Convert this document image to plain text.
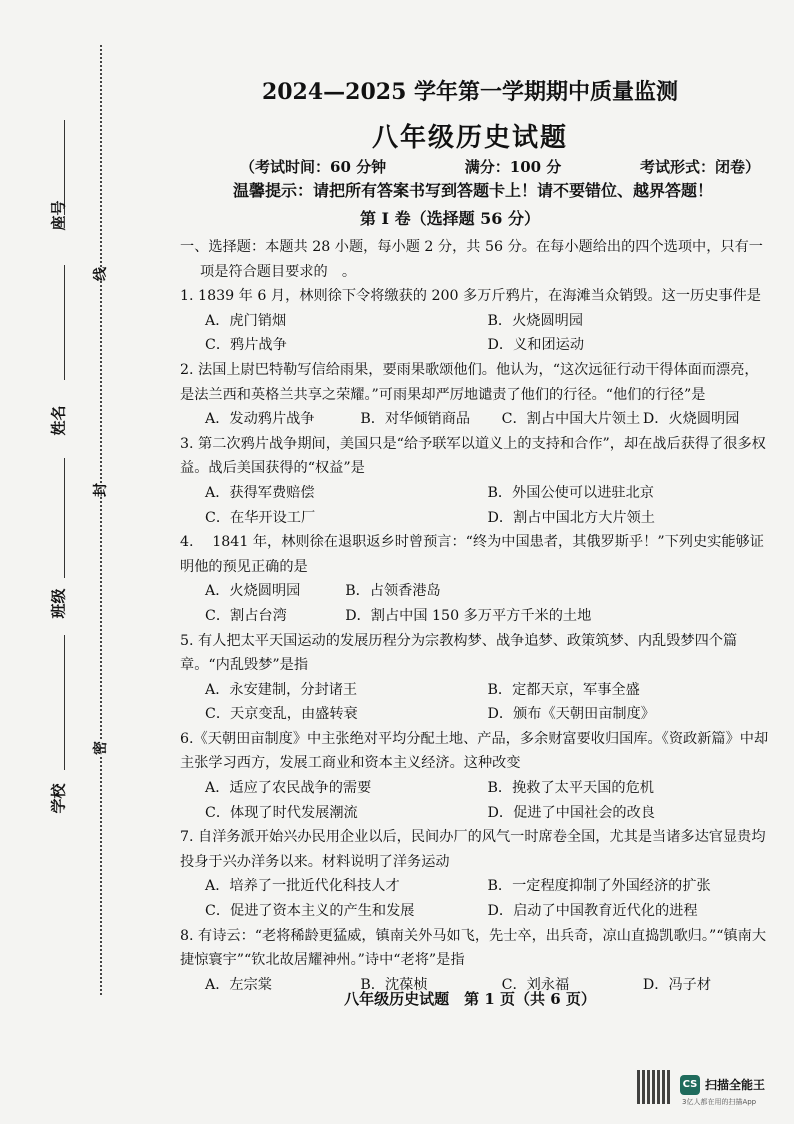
座号
姓名
班级
学校
线
封
密
2024—2025 学年第一学期期中质量监测
八年级历史试题
（考试时间：60 分钟	满分：100 分	考试形式：闭卷）
温馨提示：请把所有答案书写到答题卡上！请不要错位、越界答题！
第 I 卷（选择题 56 分）

一、选择题：本题共 28 小题，每小题 2 分，共 56 分。在每小题给出的四个选项中，只有一项是符合题目要求的　。

1. 1839 年 6 月，林则徐下令将缴获的 200 多万斤鸦片，在海滩当众销毁。这一历史事件是

A．虎门销烟	B．火烧圆明园
C．鸦片战争	D．义和团运动

2. 法国上尉巴特勒写信给雨果，要雨果歌颂他们。他认为，“这次远征行动干得体面而漂亮，是法兰西和英格兰共享之荣耀。”可雨果却严厉地谴责了他们的行径。“他们的行径”是

A．发动鸦片战争	B．对华倾销商品	C．割占中国大片领土 D．火烧圆明园

3. 第二次鸦片战争期间，美国只是“给予联军以道义上的支持和合作”，却在战后获得了很多权益。战后美国获得的“权益”是

A．获得军费赔偿	B．外国公使可以进驻北京
C．在华开设工厂	D．割占中国北方大片领土

4. 　1841 年，林则徐在退职返乡时曾预言：“终为中国患者，其俄罗斯乎！”下列史实能够证明他的预见正确的是

A．火烧圆明园	B．占领香港岛
C．割占台湾	D．割占中国 150 多万平方千米的土地

5. 有人把太平天国运动的发展历程分为宗教构梦、战争追梦、政策筑梦、内乱毁梦四个篇章。“内乱毁梦”是指

A．永安建制，分封诸王	B．定都天京，军事全盛
C．天京变乱，由盛转衰	D．颁布《天朝田亩制度》

6.《天朝田亩制度》中主张绝对平均分配土地、产品，多余财富要收归国库。《资政新篇》中却主张学习西方，发展工商业和资本主义经济。这种改变

A．适应了农民战争的需要	B．挽救了太平天国的危机
C．体现了时代发展潮流	D．促进了中国社会的改良

7. 自洋务派开始兴办民用企业以后，民间办厂的风气一时席卷全国，尤其是当诸多达官显贵均投身于兴办洋务以来。材料说明了洋务运动

A．培养了一批近代化科技人才	B．一定程度抑制了外国经济的扩张
C．促进了资本主义的产生和发展	D．启动了中国教育近代化的进程

8. 有诗云：“老将稀龄更猛威，镇南关外马如飞，先士卒，出兵奇，凉山直捣凯歌归。”“镇南大捷惊寰宇”“钦北故居耀神州。”诗中“老将”是指

A．左宗棠	B．沈葆桢	C．刘永福	D．冯子材
八年级历史试题　第 1 页（共 6 页）
CS 扫描全能王
3亿人都在用的扫描App
